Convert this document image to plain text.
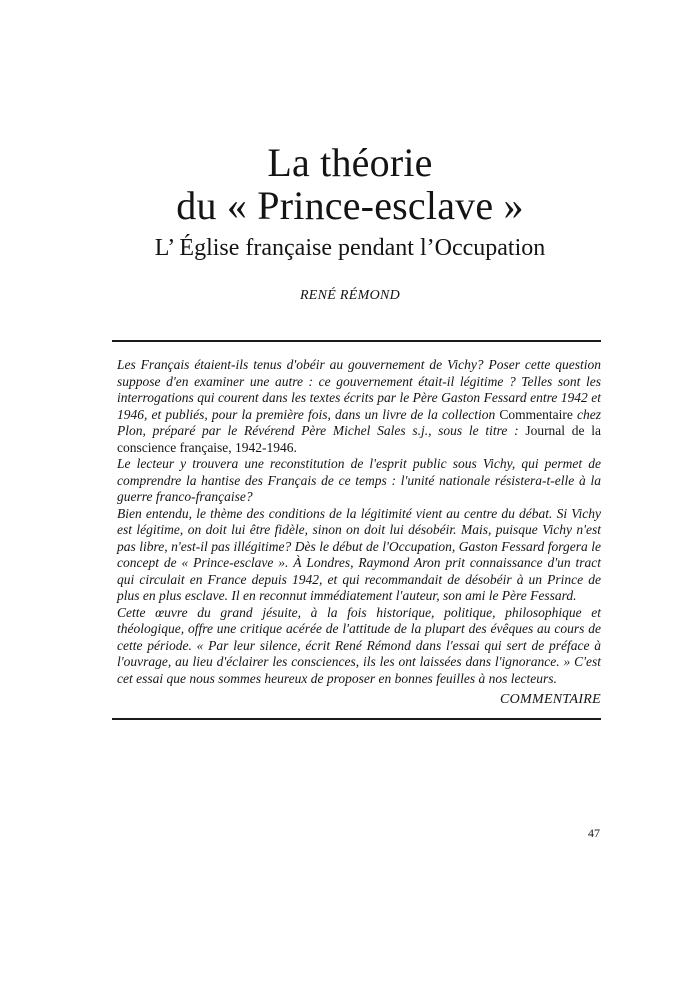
La théorie
du « Prince-esclave »
L’ Église française pendant l’Occupation
RENÉ RÉMOND

Les Français étaient-ils tenus d'obéir au gouvernement de Vichy? Poser cette question suppose d'en examiner une autre : ce gouvernement était-il légitime ? Telles sont les interrogations qui courent dans les textes écrits par le Père Gaston Fessard entre 1942 et 1946, et publiés, pour la première fois, dans un livre de la collection Commentaire chez Plon, préparé par le Révérend Père Michel Sales s.j., sous le titre : Journal de la conscience française, 1942-1946.

Le lecteur y trouvera une reconstitution de l'esprit public sous Vichy, qui permet de comprendre la hantise des Français de ce temps : l'unité nationale résistera-t-elle à la guerre franco-française?

Bien entendu, le thème des conditions de la légitimité vient au centre du débat. Si Vichy est légitime, on doit lui être fidèle, sinon on doit lui désobéir. Mais, puisque Vichy n'est pas libre, n'est-il pas illégitime? Dès le début de l'Occupation, Gaston Fessard forgera le concept de « Prince-esclave ». À Londres, Raymond Aron prit connaissance d'un tract qui circulait en France depuis 1942, et qui recommandait de désobéir à un Prince de plus en plus esclave. Il en reconnut immédiatement l'auteur, son ami le Père Fessard.

Cette œuvre du grand jésuite, à la fois historique, politique, philosophique et théologique, offre une critique acérée de l'attitude de la plupart des évêques au cours de cette période. « Par leur silence, écrit René Rémond dans l'essai qui sert de préface à l'ouvrage, au lieu d'éclairer les consciences, ils les ont laissées dans l'ignorance. » C'est cet essai que nous sommes heureux de proposer en bonnes feuilles à nos lecteurs.

COMMENTAIRE
47
